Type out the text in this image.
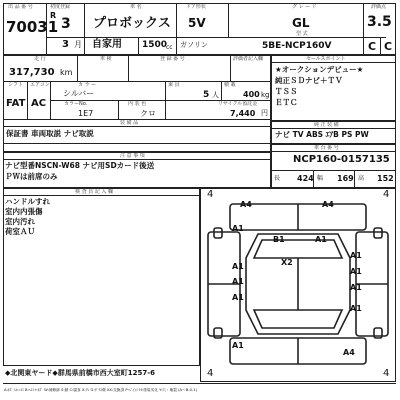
出 品 番 号
70031
初度登録
R
3
3 月
車 名
プロボックス
自家用 1500
cc ガソリン
ドア形状
5V
グ レ ー ド
GL
型 式
5BE-NCP160V
評価点
3.5
C C
走 行
317,730 km
車 検	登 録 番 号	評価者記入欄
シフト エアコン
FAT AC
カ ラ ー
シルバー
乗 員
5 人
積 載
400 kg
カラーNo.
1E7
内 装 色
クロ
リサイクル預託金
7,440 円
装 備 品
保証書 車両取説 ナビ取説
注 意 事 項
ナビ型番NSCN-W68 ナビ用SDカード後送
ＰＷは前席のみ
セールスポイント
★オークションデビュー★
純正ＳＤナビ＋ＴＶ
ＴＳＳ
ＥＴＣ
純 正 装 備
ナビ TV ABS ｴｱB PS PW
車 台 番 号
NCP160-0157135
長 424 幅 169 高 152
検 査 員 記 入 欄
ハンドルすれ
室内内張傷
室内汚れ
荷室ＡＵ
A4	A4
A1
B1	A1
A1
X2
A1
A1
A1
A1
A1
A1
A1
A4
4	4
4	4
◆北関東ヤード◆群馬県前橋市西大室町1257-6
A:ｷｽﾞ U:ﾍｺﾐ B:ﾍｺﾐ+ｷｽﾞ W:補修跡 S:錆 C:腐食 X:ﾜﾚ G:ｶﾞﾗｽ傷 XX:交換済 P:ﾍﾟｲﾝﾄ H:塗装劣化 Y:穴・亀裂 (A〜B-0-1)
